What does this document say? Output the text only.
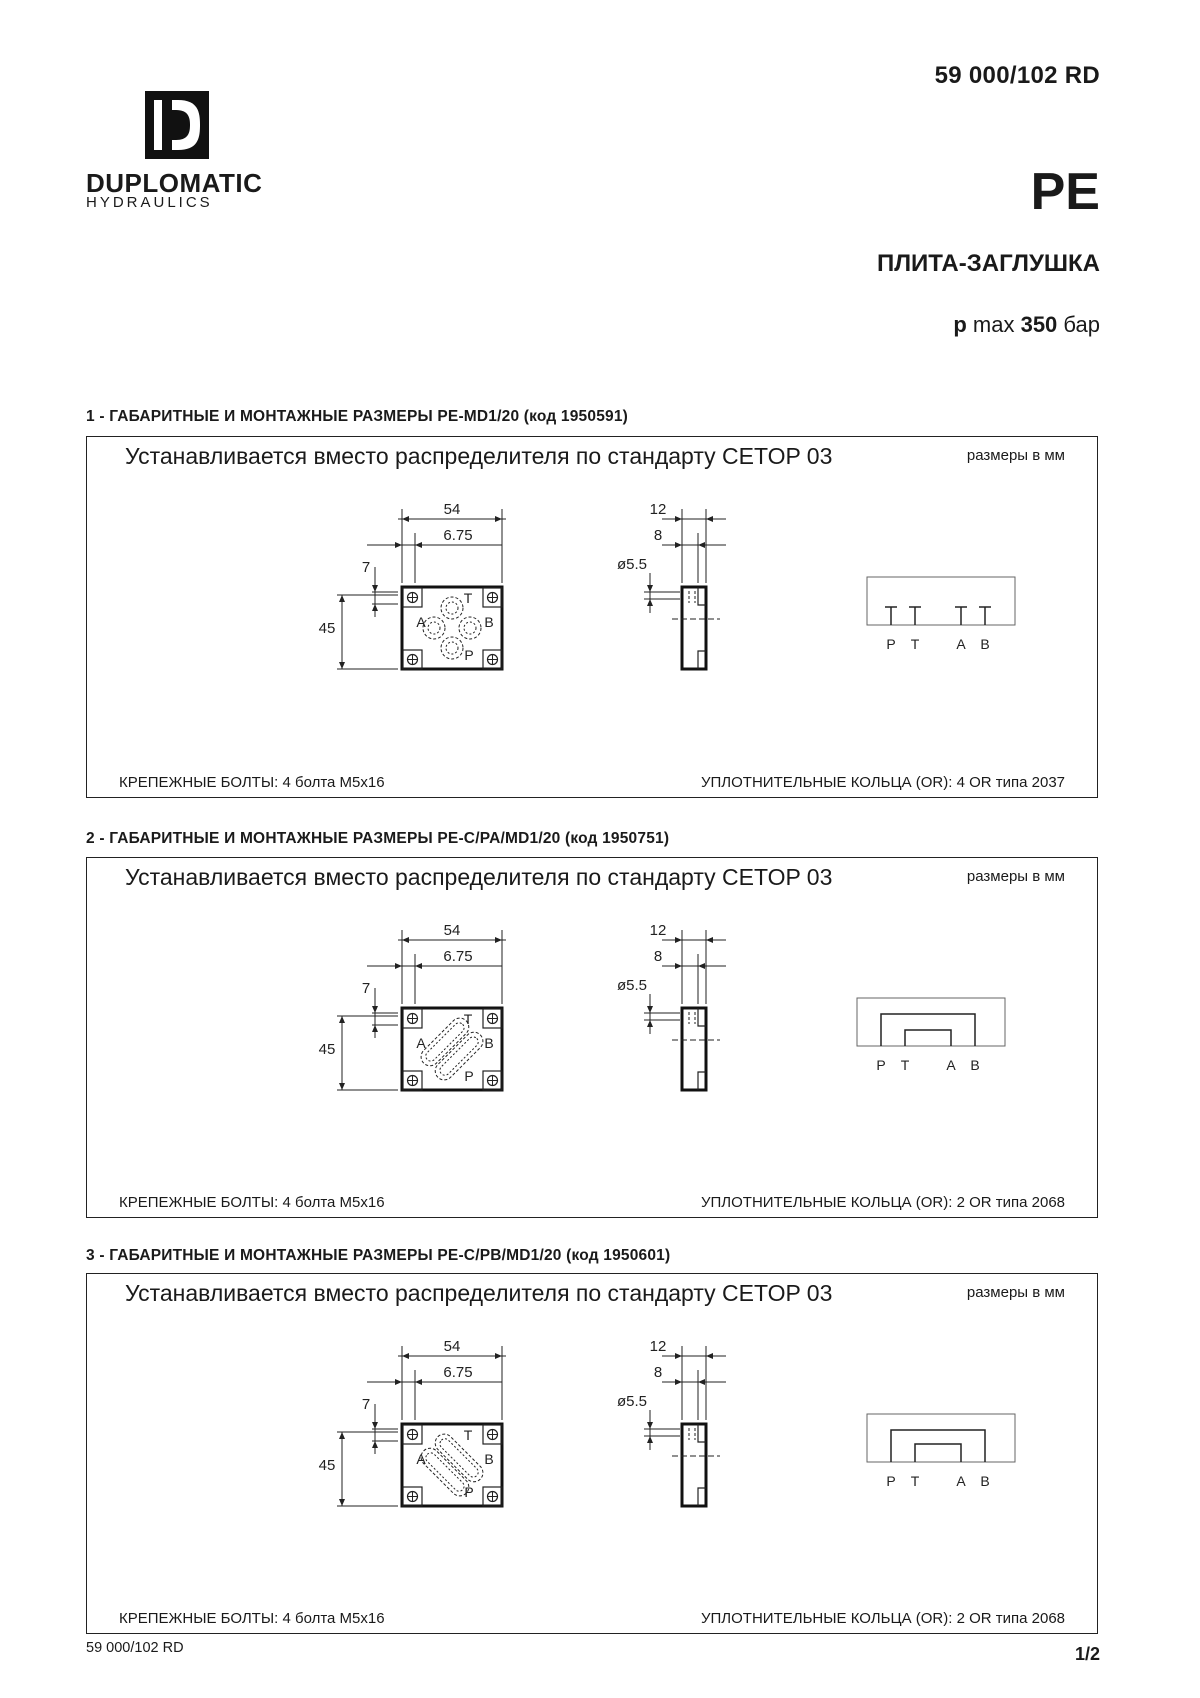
59 000/102 RD
DUPLOMATIC
HYDRAULICS	PE
ПЛИТА-ЗАГЛУШКА
p max 350 бар
1 - ГАБАРИТНЫЕ И МОНТАЖНЫЕ РАЗМЕРЫ PE-MD1/20 (код 1950591)
Устанавливается вместо распределителя по стандарту CETOP 03	размеры в мм
КРЕПЕЖНЫЕ БОЛТЫ: 4 болта M5x16	УПЛОТНИТЕЛЬНЫЕ КОЛЬЦА (OR): 4 OR типа 2037
T
A	B
P
54
6.75
7
45
12
8
ø5.5
P T	A B
2 - ГАБАРИТНЫЕ И МОНТАЖНЫЕ РАЗМЕРЫ PE-C/PA/MD1/20 (код 1950751)
Устанавливается вместо распределителя по стандарту CETOP 03	размеры в мм
КРЕПЕЖНЫЕ БОЛТЫ: 4 болта M5x16	УПЛОТНИТЕЛЬНЫЕ КОЛЬЦА (OR): 2 OR типа 2068
T
A	B
P
54
6.75
7
45
12
8
ø5.5
P T	A B
3 - ГАБАРИТНЫЕ И МОНТАЖНЫЕ РАЗМЕРЫ PE-C/PB/MD1/20 (код 1950601)
Устанавливается вместо распределителя по стандарту CETOP 03	размеры в мм
КРЕПЕЖНЫЕ БОЛТЫ: 4 болта M5x16	УПЛОТНИТЕЛЬНЫЕ КОЛЬЦА (OR): 2 OR типа 2068
T
A	B
P
54
6.75
7
45
12
8
ø5.5
P T	A B
59 000/102 RD	1/2
